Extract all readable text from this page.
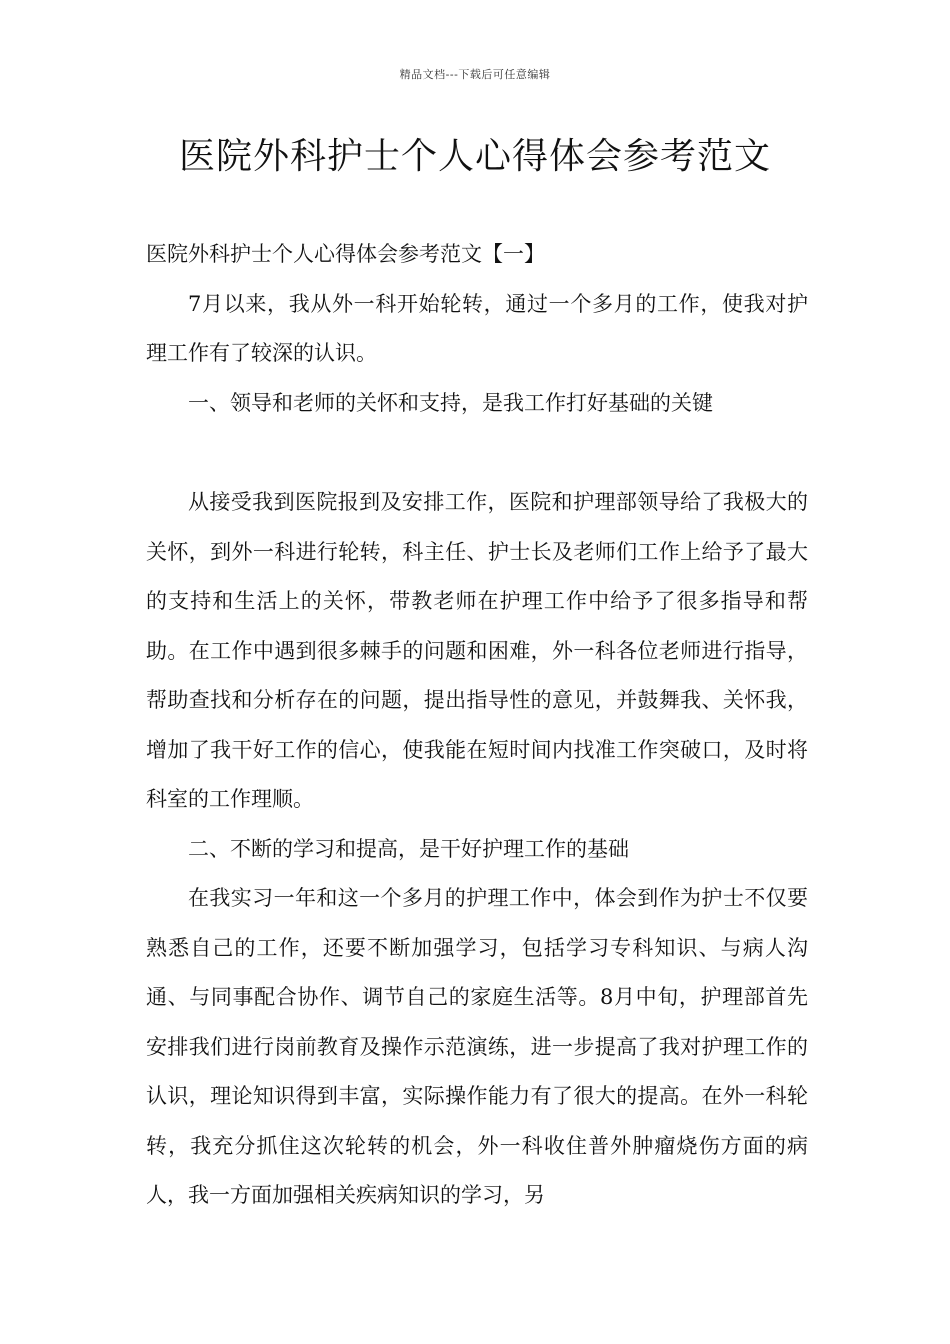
精品文档---下载后可任意编辑
医院外科护士个人心得体会参考范文

医院外科护士个人心得体会参考范文【一】

7月以来，我从外一科开始轮转，通过一个多月的工作，使我对护理工作有了较深的认识。

一、领导和老师的关怀和支持，是我工作打好基础的关键

从接受我到医院报到及安排工作，医院和护理部领导给了我极大的关怀，到外一科进行轮转，科主任、护士长及老师们工作上给予了最大的支持和生活上的关怀，带教老师在护理工作中给予了很多指导和帮助。在工作中遇到很多棘手的问题和困难，外一科各位老师进行指导，帮助查找和分析存在的问题，提出指导性的意见，并鼓舞我、关怀我，增加了我干好工作的信心，使我能在短时间内找准工作突破口，及时将科室的工作理顺。

二、不断的学习和提高，是干好护理工作的基础

在我实习一年和这一个多月的护理工作中，体会到作为护士不仅要熟悉自己的工作，还要不断加强学习，包括学习专科知识、与病人沟通、与同事配合协作、调节自己的家庭生活等。8月中旬，护理部首先安排我们进行岗前教育及操作示范演练，进一步提高了我对护理工作的认识，理论知识得到丰富，实际操作能力有了很大的提高。在外一科轮转，我充分抓住这次轮转的机会，外一科收住普外肿瘤烧伤方面的病人，我一方面加强相关疾病知识的学习，另
